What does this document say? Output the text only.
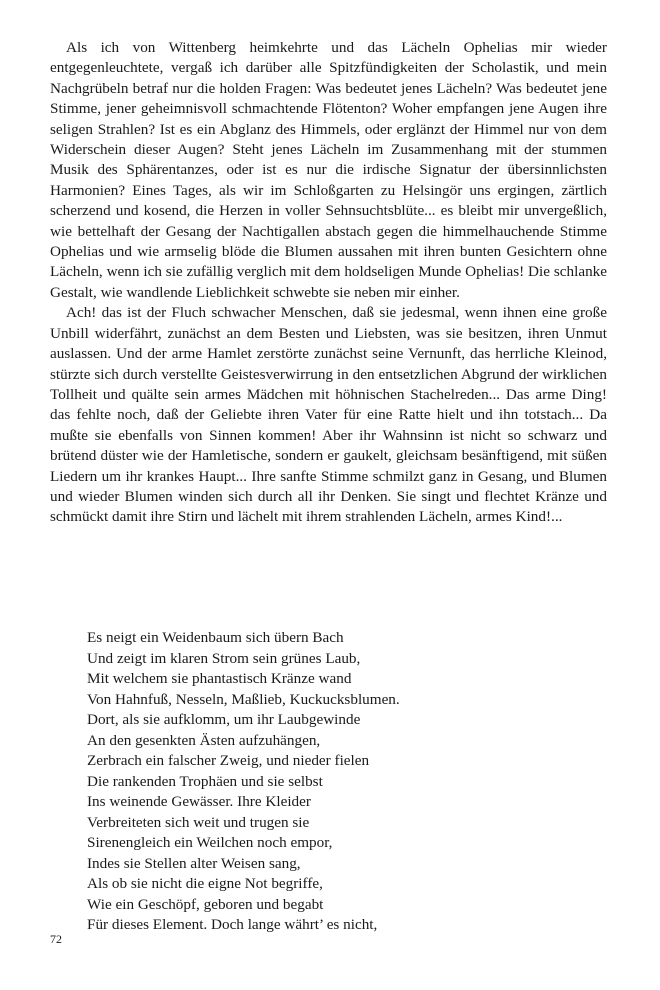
Als ich von Wittenberg heimkehrte und das Lächeln Ophelias mir wieder entgegenleuchtete, vergaß ich darüber alle Spitzfündigkeiten der Scholastik, und mein Nachgrübeln betraf nur die holden Fragen: Was bedeutet jenes Lächeln? Was bedeutet jene Stimme, jener geheimnisvoll schmachtende Flötenton? Woher empfangen jene Augen ihre seligen Strahlen? Ist es ein Abglanz des Himmels, oder erglänzt der Himmel nur von dem Widerschein dieser Augen? Steht jenes Lächeln im Zusammenhang mit der stummen Musik des Sphärentanzes, oder ist es nur die irdische Signatur der übersinnlichsten Harmonien? Eines Tages, als wir im Schloßgarten zu Helsingör uns ergingen, zärtlich scherzend und kosend, die Herzen in voller Sehnsuchtsblüte... es bleibt mir unvergeßlich, wie bettelhaft der Gesang der Nachtigallen abstach gegen die himmelhauchende Stimme Ophelias und wie armselig blöde die Blumen aussahen mit ihren bunten Gesichtern ohne Lächeln, wenn ich sie zufällig verglich mit dem holdseligen Munde Ophelias! Die schlanke Gestalt, wie wandlende Lieblichkeit schwebte sie neben mir einher.

Ach! das ist der Fluch schwacher Menschen, daß sie jedesmal, wenn ihnen eine große Unbill widerfährt, zunächst an dem Besten und Liebsten, was sie besitzen, ihren Unmut auslassen. Und der arme Hamlet zerstörte zunächst seine Vernunft, das herrliche Kleinod, stürzte sich durch verstellte Geistesverwirrung in den entsetzlichen Abgrund der wirklichen Tollheit und quälte sein armes Mädchen mit höhnischen Stachelreden... Das arme Ding! das fehlte noch, daß der Geliebte ihren Vater für eine Ratte hielt und ihn totstach... Da mußte sie ebenfalls von Sinnen kommen! Aber ihr Wahnsinn ist nicht so schwarz und brütend düster wie der Hamletische, sondern er gaukelt, gleichsam besänftigend, mit süßen Liedern um ihr krankes Haupt... Ihre sanfte Stimme schmilzt ganz in Gesang, und Blumen und wieder Blumen winden sich durch all ihr Denken. Sie singt und flechtet Kränze und schmückt damit ihre Stirn und lächelt mit ihrem strahlenden Lächeln, armes Kind!...

Es neigt ein Weidenbaum sich übern Bach
Und zeigt im klaren Strom sein grünes Laub,
Mit welchem sie phantastisch Kränze wand
Von Hahnfuß, Nesseln, Maßlieb, Kuckucksblumen.
Dort, als sie aufklomm, um ihr Laubgewinde
An den gesenkten Ästen aufzuhängen,
Zerbrach ein falscher Zweig, und nieder fielen
Die rankenden Trophäen und sie selbst
Ins weinende Gewässer. Ihre Kleider
Verbreiteten sich weit und trugen sie
Sirenengleich ein Weilchen noch empor,
Indes sie Stellen alter Weisen sang,
Als ob sie nicht die eigne Not begriffe,
Wie ein Geschöpf, geboren und begabt
Für dieses Element. Doch lange währt’ es nicht,
72
